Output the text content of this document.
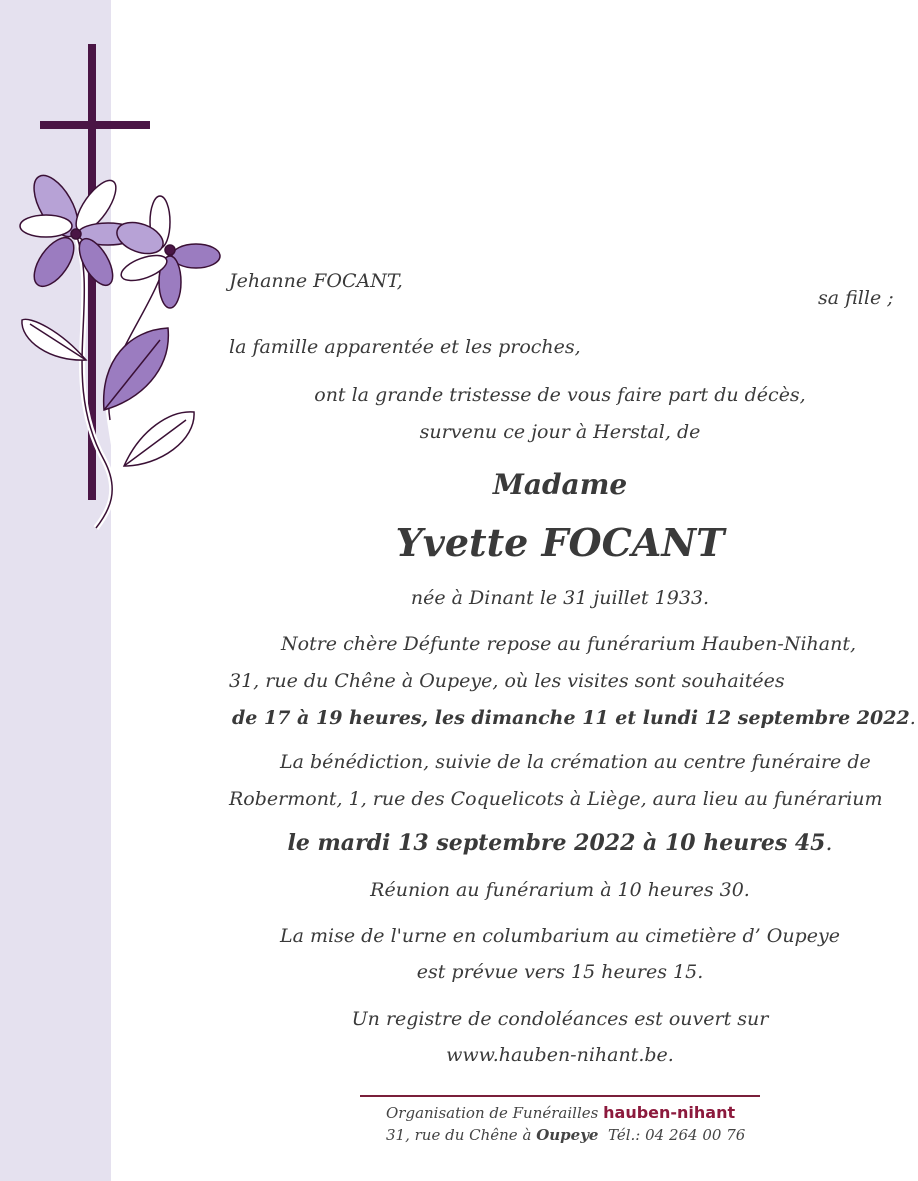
Jehanne FOCANT,
sa fille ;
la famille apparentée et les proches,
ont la grande tristesse de vous faire part du décès,
survenu ce jour à Herstal, de
Madame
Yvette FOCANT
née à Dinant le 31 juillet 1933.
Notre chère Défunte repose au funérarium Hauben-Nihant,
31, rue du Chêne à Oupeye, où les visites sont souhaitées
de 17 à 19 heures, les dimanche 11 et lundi 12 septembre 2022.
La bénédiction, suivie de la crémation au centre funéraire de
Robermont, 1, rue des Coquelicots à Liège, aura lieu au funérarium
le mardi 13 septembre 2022 à 10 heures 45.
Réunion au funérarium à 10 heures 30.
La mise de l'urne en columbarium au cimetière d’ Oupeye
est prévue vers 15 heures 15.
Un registre de condoléances est ouvert sur
www.hauben-nihant.be.
Organisation de Funérailles hauben-nihant
31, rue du Chêne à Oupeye Tél.: 04 264 00 76
